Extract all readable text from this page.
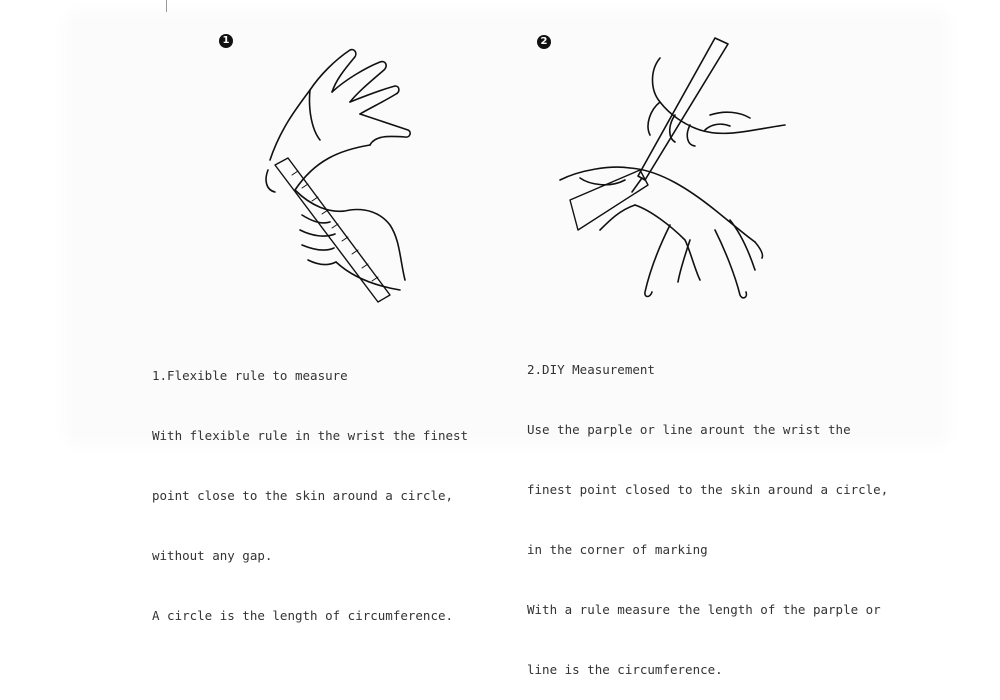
1	2

1.Flexible rule to measure

With flexible rule in the wrist the finest

point close to the skin around a circle,

without any gap.

A circle is the length of circumference.

2.DIY Measurement

Use the parple or line arount the wrist the

finest point closed to the skin around a circle,

in the corner of marking

With a rule measure the length of the parple or

line is the circumference.
